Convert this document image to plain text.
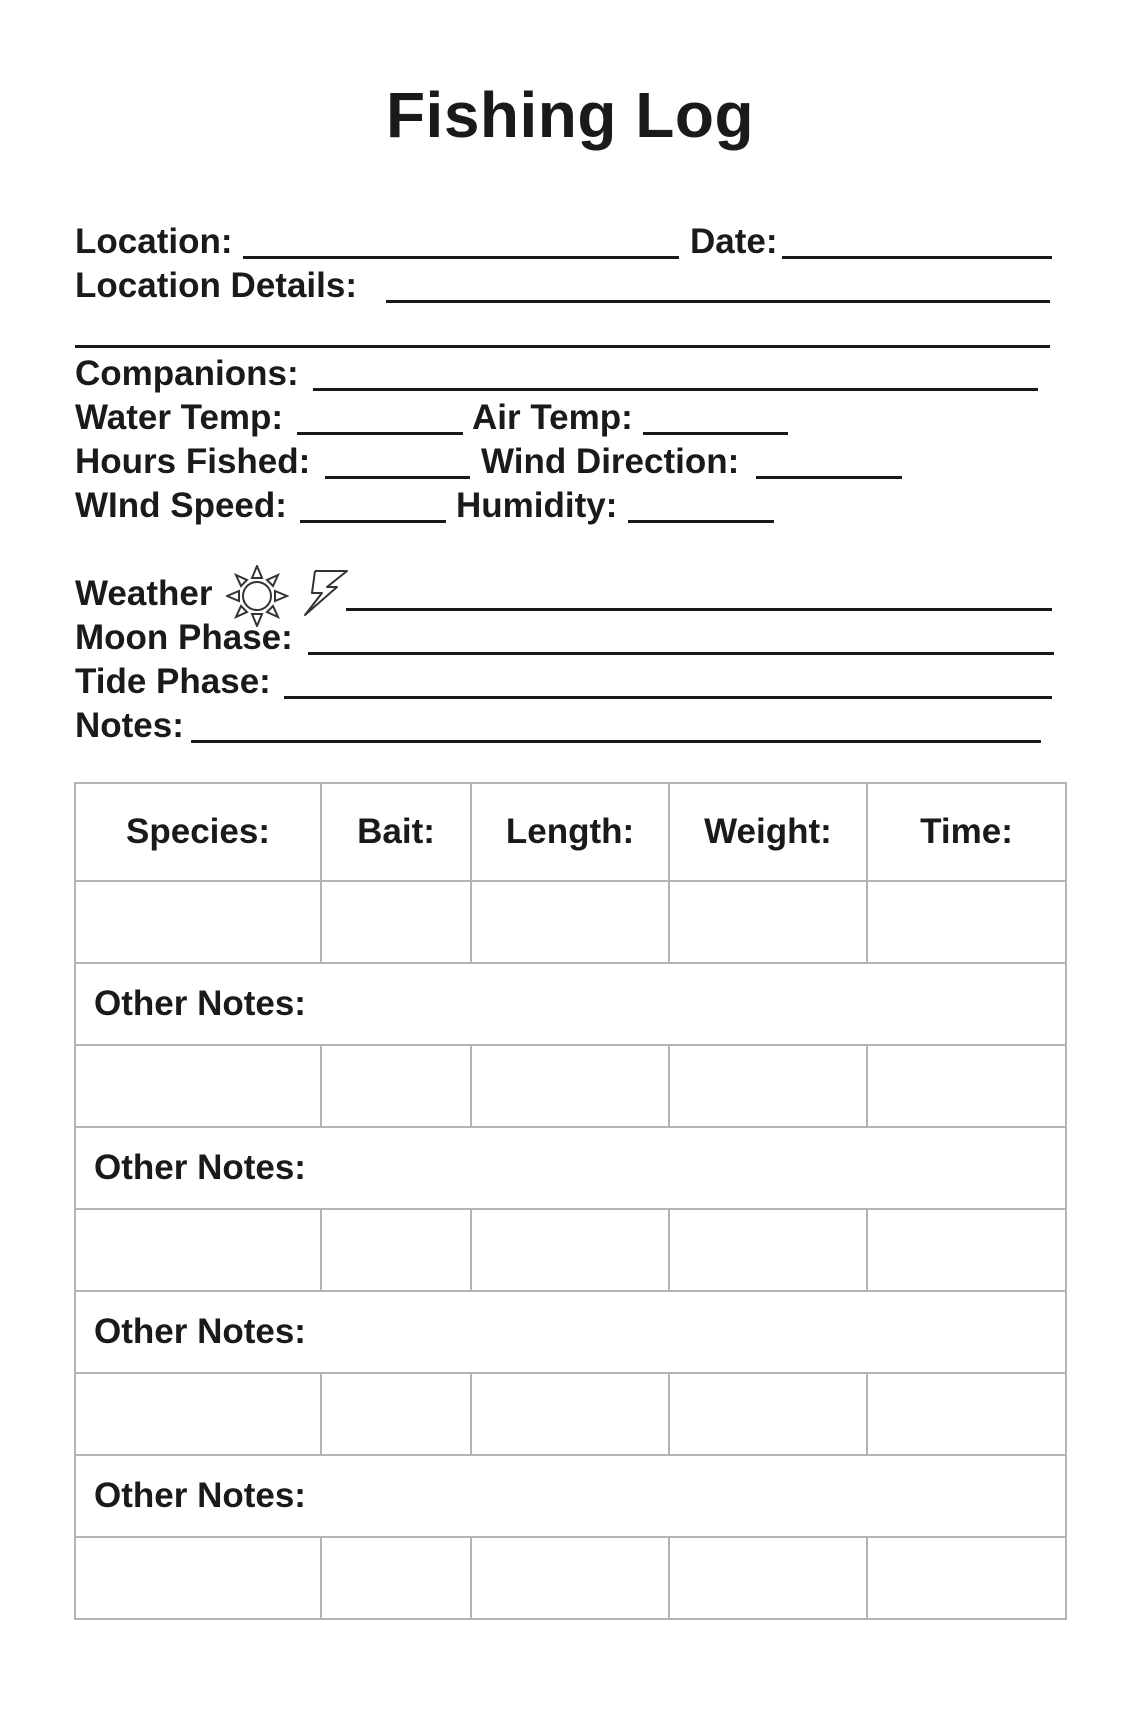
Fishing Log
Location:	Date:
Location Details:
Companions:
Water Temp:	Air Temp:
Hours Fished:	Wind Direction:
WInd Speed:	Humidity:
Weather
Moon Phase:
Tide Phase:
Notes:
Species:	Bait:	Length:	Weight:	Time:

Other Notes:				

Other Notes:				

Other Notes:				

Other Notes:				
